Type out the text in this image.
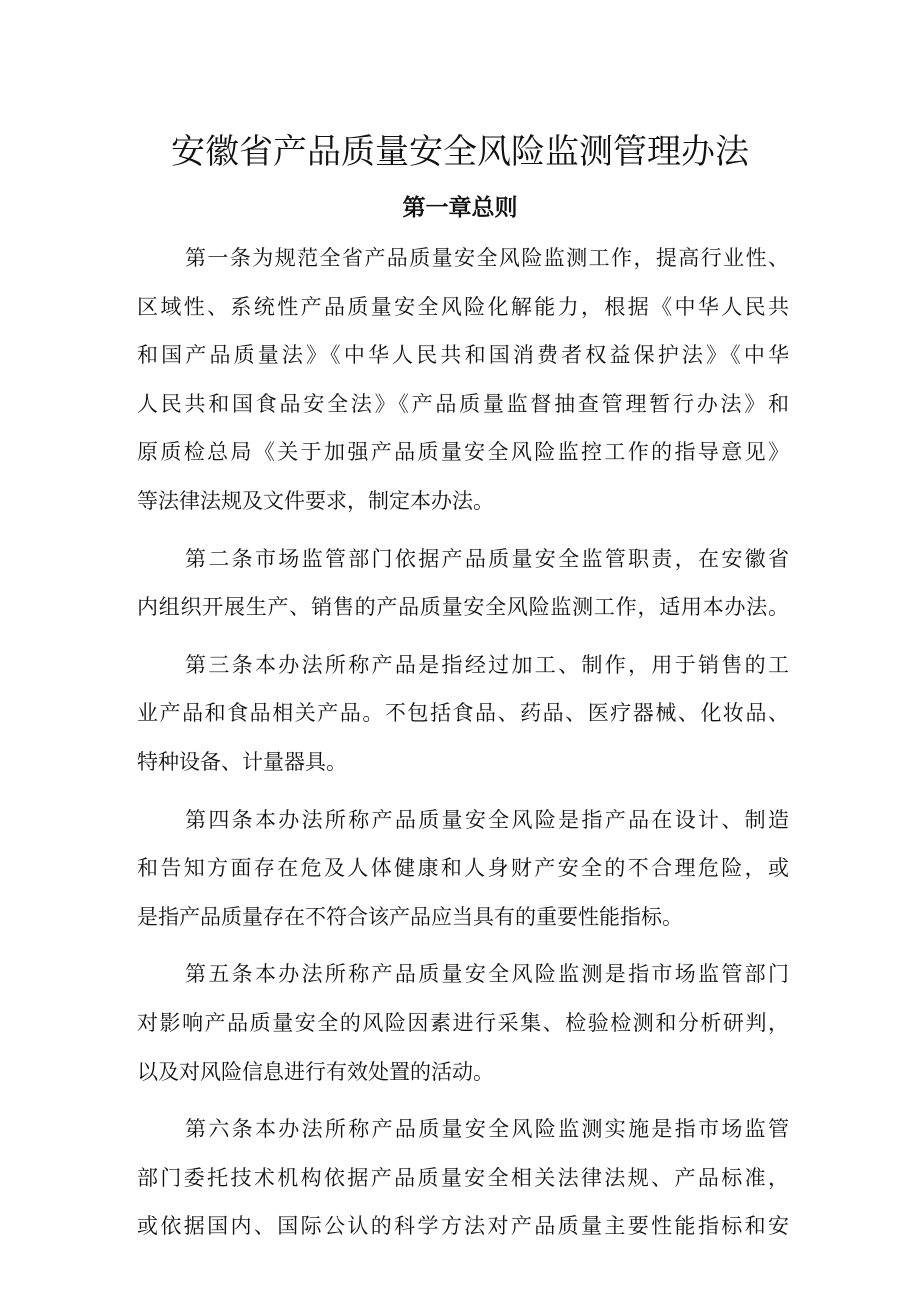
安徽省产品质量安全风险监测管理办法
第一章总则
第一条为规范全省产品质量安全风险监测工作，提高行业性、
区域性、系统性产品质量安全风险化解能力，根据《中华人民共
和国产品质量法》《中华人民共和国消费者权益保护法》《中华
人民共和国食品安全法》《产品质量监督抽查管理暂行办法》和
原质检总局《关于加强产品质量安全风险监控工作的指导意见》
等法律法规及文件要求，制定本办法。
第二条市场监管部门依据产品质量安全监管职责，在安徽省
内组织开展生产、销售的产品质量安全风险监测工作，适用本办法。
第三条本办法所称产品是指经过加工、制作，用于销售的工
业产品和食品相关产品。不包括食品、药品、医疗器械、化妆品、
特种设备、计量器具。
第四条本办法所称产品质量安全风险是指产品在设计、制造
和告知方面存在危及人体健康和人身财产安全的不合理危险，或
是指产品质量存在不符合该产品应当具有的重要性能指标。
第五条本办法所称产品质量安全风险监测是指市场监管部门
对影响产品质量安全的风险因素进行采集、检验检测和分析研判，
以及对风险信息进行有效处置的活动。
第六条本办法所称产品质量安全风险监测实施是指市场监管
部门委托技术机构依据产品质量安全相关法律法规、产品标准，
或依据国内、国际公认的科学方法对产品质量主要性能指标和安
